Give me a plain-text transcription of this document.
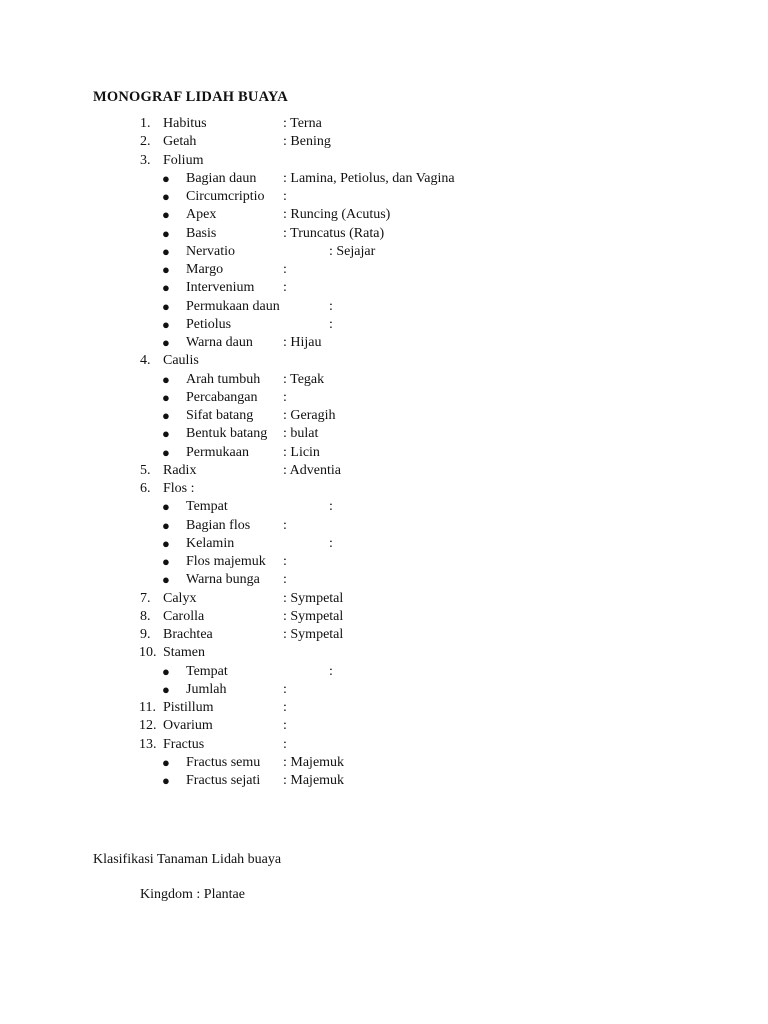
MONOGRAF LIDAH BUAYA
1. Habitus	: Terna
2. Getah	: Bening
3. Folium
● Bagian daun : Lamina, Petiolus, dan Vagina
● Circumcriptio :
● Apex	: Runcing (Acutus)
● Basis	: Truncatus (Rata)
● Nervatio	: Sejajar
● Margo	:
● Intervenium :
● Permukaan daun	:
● Petiolus	:
● Warna daun : Hijau
4. Caulis
● Arah tumbuh : Tegak
● Percabangan :
● Sifat batang : Geragih
● Bentuk batang : bulat
● Permukaan : Licin
5. Radix	: Adventia
6. Flos :
● Tempat	:
● Bagian flos :
● Kelamin	:
● Flos majemuk :
● Warna bunga :
7. Calyx	: Sympetal
8. Carolla	: Sympetal
9. Brachtea	: Sympetal
10. Stamen
● Tempat	:
● Jumlah	:
11. Pistillum	:
12. Ovarium	:
13. Fractus	:
● Fractus semu : Majemuk
● Fractus sejati : Majemuk
Klasifikasi Tanaman Lidah buaya
Kingdom : Plantae
